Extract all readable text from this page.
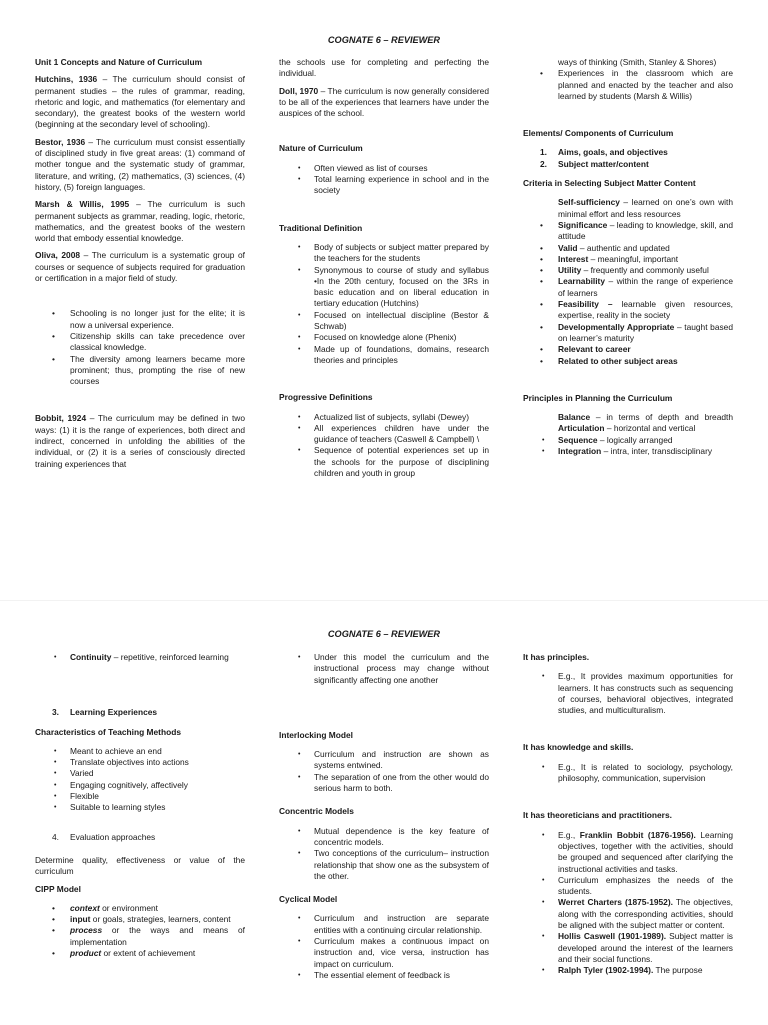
COGNATE 6 – REVIEWER

Unit 1 Concepts and Nature of Curriculum

Hutchins, 1936 – The curriculum should consist of permanent studies – the rules of grammar, reading, rhetoric and logic, and mathematics (for elementary and secondary), the greatest books of the western world (beginning at the secondary level of schooling).

Bestor, 1936 – The curriculum must consist essentially of disciplined study in five great areas: (1) command of mother tongue and the systematic study of grammar, literature, and writing, (2) mathematics, (3) sciences, (4) history, (5) foreign languages.

Marsh & Willis, 1995 – The curriculum is such permanent subjects as grammar, reading, logic, rhetoric, mathematics, and the greatest books of the western world that embody essential knowledge.

Oliva, 2008 – The curriculum is a systematic group of courses or sequence of subjects required for graduation or certification in a major field of study.

• Schooling is no longer just for the elite; it is now a universal experience.
• Citizenship skills can take precedence over classical knowledge.
• The diversity among learners became more prominent; thus, prompting the rise of new courses

Bobbit, 1924 – The curriculum may be defined in two ways: (1) it is the range of experiences, both direct and indirect, concerned in unfolding the abilities of the individual, or (2) it is a series of consciously directed training experiences that

the schools use for completing and perfecting the individual.

Doll, 1970 – The curriculum is now generally considered to be all of the experiences that learners have under the auspices of the school.

Nature of Curriculum
• Often viewed as list of courses
• Total learning experience in school and in the society
Traditional Definition
• Body of subjects or subject matter prepared by the teachers for the students
• Synonymous to course of study and syllabus •In the 20th century, focused on the 3Rs in basic education and on liberal education in tertiary education (Hutchins)
• Focused on intellectual discipline (Bestor & Schwab)
• Focused on knowledge alone (Phenix)
• Made up of foundations, domains, research theories and principles
Progressive Definitions
• Actualized list of subjects, syllabi (Dewey)
• All experiences children have under the guidance of teachers (Caswell & Campbell) \
• Sequence of potential experiences set up in the schools for the purpose of disciplining children and youth in group
ways of thinking (Smith, Stanley & Shores)
• Experiences in the classroom which are planned and enacted by the teacher and also learned by students (Marsh & Willis)
Elements/ Components of Curriculum
1. Aims, goals, and objectives
2. Subject matter/content
Criteria in Selecting Subject Matter Content
Self-sufficiency – learned on one’s own with minimal effort and less resources
• Significance – leading to knowledge, skill, and attitude
• Valid – authentic and updated
• Interest – meaningful, important
• Utility – frequently and commonly useful
• Learnability – within the range of experience of learners
• Feasibility – learnable given resources, expertise, reality in the society
• Developmentally Appropriate – taught based on learner’s maturity
• Relevant to career
• Related to other subject areas
Principles in Planning the Curriculum
Balance – in terms of depth and breadth Articulation – horizontal and vertical
• Sequence – logically arranged
• Integration – intra, inter, transdisciplinary
COGNATE 6 – REVIEWER
• Continuity – repetitive, reinforced learning
3. Learning Experiences
Characteristics of Teaching Methods
• Meant to achieve an end
• Translate objectives into actions
• Varied
• Engaging cognitively, affectively
• Flexible
• Suitable to learning styles
4. Evaluation approaches

Determine quality, effectiveness or value of the curriculum

CIPP Model
• context or environment
• input or goals, strategies, learners, content
• process or the ways and means of implementation
• product or extent of achievement
• Under this model the curriculum and the instructional process may change without significantly affecting one another
Interlocking Model
• Curriculum and instruction are shown as systems entwined.
• The separation of one from the other would do serious harm to both.
Concentric Models
• Mutual dependence is the key feature of concentric models.
• Two conceptions of the curriculum– instruction relationship that show one as the subsystem of the other.
Cyclical Model
• Curriculum and instruction are separate entities with a continuing circular relationship.
• Curriculum makes a continuous impact on instruction and, vice versa, instruction has impact on curriculum.
• The essential element of feedback is
It has principles.
• E.g., It provides maximum opportunities for learners. It has constructs such as sequencing of courses, behavioral objectives, integrated studies, and multiculturalism.
It has knowledge and skills.
• E.g., It is related to sociology, psychology, philosophy, communication, supervision
It has theoreticians and practitioners.
• E.g., Franklin Bobbit (1876-1956). Learning objectives, together with the activities, should be grouped and sequenced after clarifying the instructional activities and tasks.
• Curriculum emphasizes the needs of the students.
• Werret Charters (1875-1952). The objectives, along with the corresponding activities, should be aligned with the subject matter or content.
• Hollis Caswell (1901-1989). Subject matter is developed around the interest of the learners and their social functions.
• Ralph Tyler (1902-1994). The purpose
